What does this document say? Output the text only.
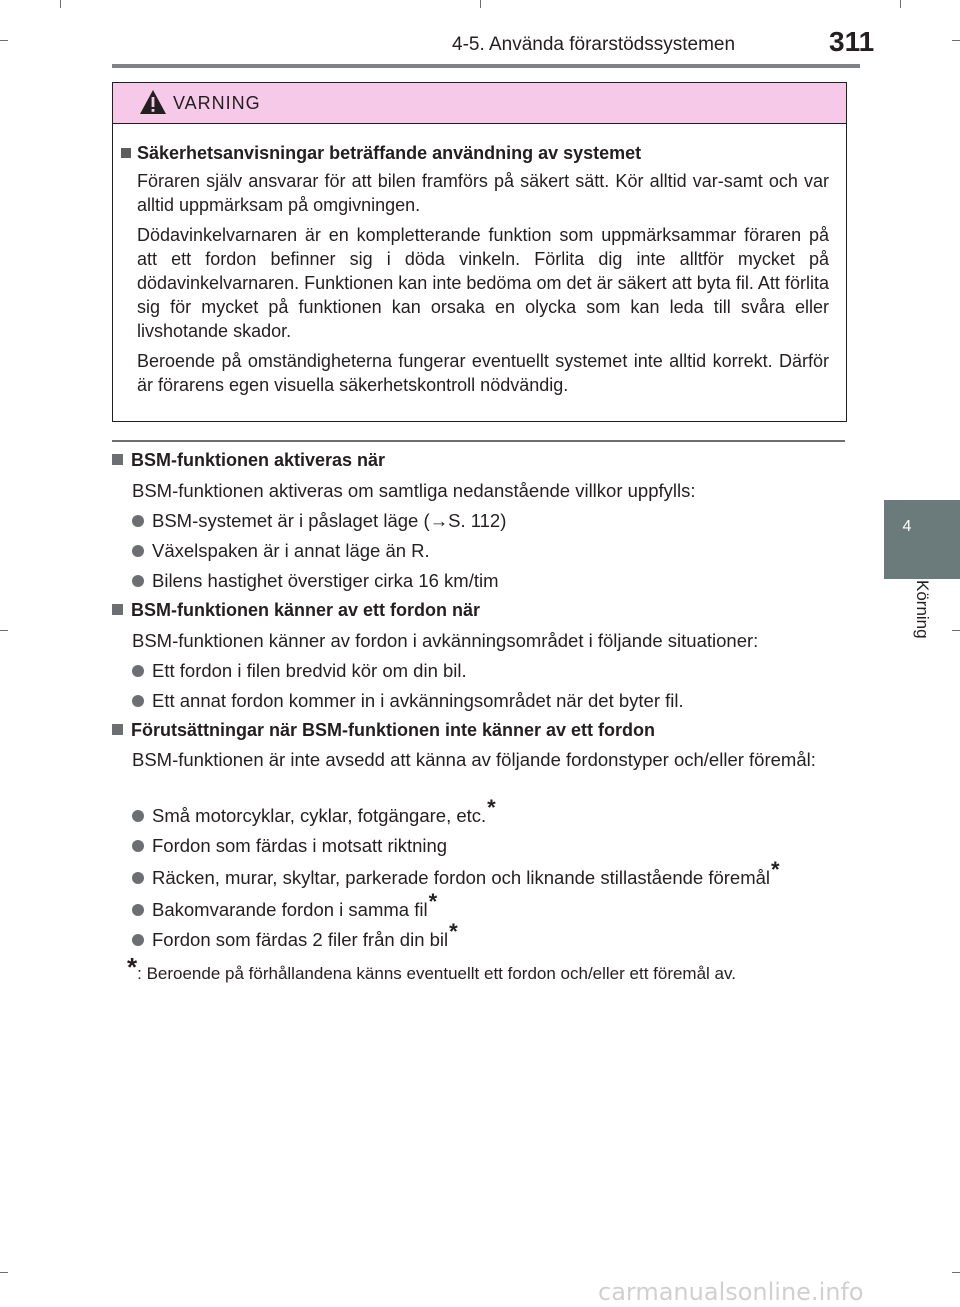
4-5. Använda förarstödssystemen	311
4
Körning
VARNING
Säkerhetsanvisningar beträffande användning av systemet
Föraren själv ansvarar för att bilen framförs på säkert sätt. Kör alltid var-samt och var alltid uppmärksam på omgivningen.
Dödavinkelvarnaren är en kompletterande funktion som uppmärksammar föraren på att ett fordon befinner sig i döda vinkeln. Förlita dig inte alltför mycket på dödavinkelvarnaren. Funktionen kan inte bedöma om det är säkert att byta fil. Att förlita sig för mycket på funktionen kan orsaka en olycka som kan leda till svåra eller livshotande skador.
Beroende på omständigheterna fungerar eventuellt systemet inte alltid korrekt. Därför är förarens egen visuella säkerhetskontroll nödvändig.
BSM-funktionen aktiveras när
BSM-funktionen aktiveras om samtliga nedanstående villkor uppfylls:
BSM-systemet är i påslaget läge (→S. 112)
Växelspaken är i annat läge än R.
Bilens hastighet överstiger cirka 16 km/tim
BSM-funktionen känner av ett fordon när
BSM-funktionen känner av fordon i avkänningsområdet i följande situationer:
Ett fordon i filen bredvid kör om din bil.
Ett annat fordon kommer in i avkänningsområdet när det byter fil.
Förutsättningar när BSM-funktionen inte känner av ett fordon
BSM-funktionen är inte avsedd att känna av följande fordonstyper och/eller föremål:
Små motorcyklar, cyklar, fotgängare, etc.*
Fordon som färdas i motsatt riktning
Räcken, murar, skyltar, parkerade fordon och liknande stillastående föremål*
Bakomvarande fordon i samma fil*
Fordon som färdas 2 filer från din bil*
*: Beroende på förhållandena känns eventuellt ett fordon och/eller ett föremål av.
carmanualsonline.info
